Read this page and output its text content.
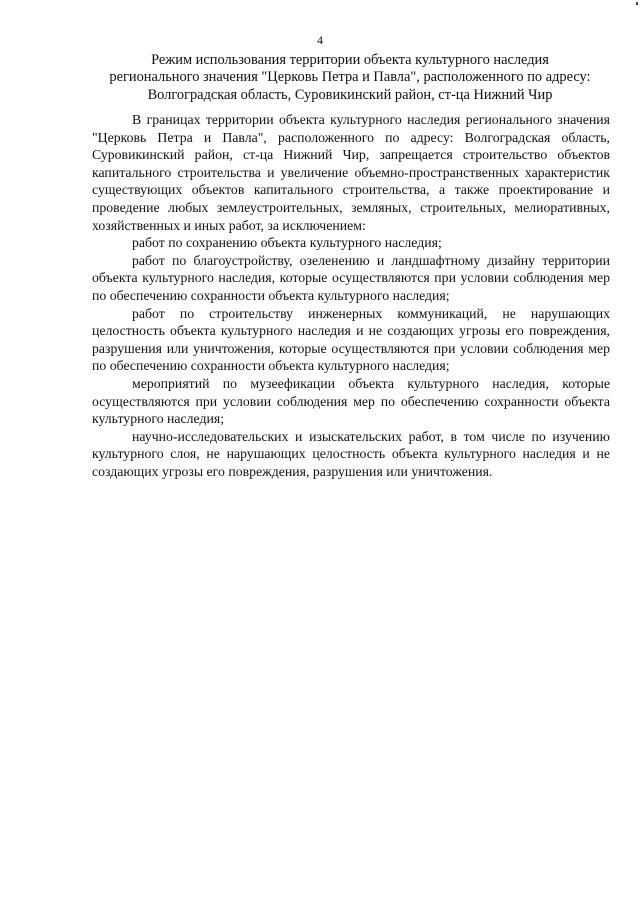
4
Режим использования территории объекта культурного наследия
регионального значения "Церковь Петра и Павла", расположенного по адресу:
Волгоградская область, Суровикинский район, ст-ца Нижний Чир

В границах территории объекта культурного наследия регионального значения "Церковь Петра и Павла", расположенного по адресу: Волгоградская область, Суровикинский район, ст-ца Нижний Чир, запрещается строительство объектов капитального строительства и увеличение объемно-пространственных характеристик существующих объектов капитального строительства, а также проектирование и проведение любых землеустроительных, земляных, строительных, мелиоративных, хозяйственных и иных работ, за исключением:

работ по сохранению объекта культурного наследия;

работ по благоустройству, озеленению и ландшафтному дизайну территории объекта культурного наследия, которые осуществляются при условии соблюдения мер по обеспечению сохранности объекта культурного наследия;

работ по строительству инженерных коммуникаций, не нарушающих целостность объекта культурного наследия и не создающих угрозы его повреждения, разрушения или уничтожения, которые осуществляются при условии соблюдения мер по обеспечению сохранности объекта культурного наследия;

мероприятий по музеефикации объекта культурного наследия, которые осуществляются при условии соблюдения мер по обеспечению сохранности объекта культурного наследия;

научно-исследовательских и изыскательских работ, в том числе по изучению культурного слоя, не нарушающих целостность объекта культурного наследия и не создающих угрозы его повреждения, разрушения или уничтожения.
